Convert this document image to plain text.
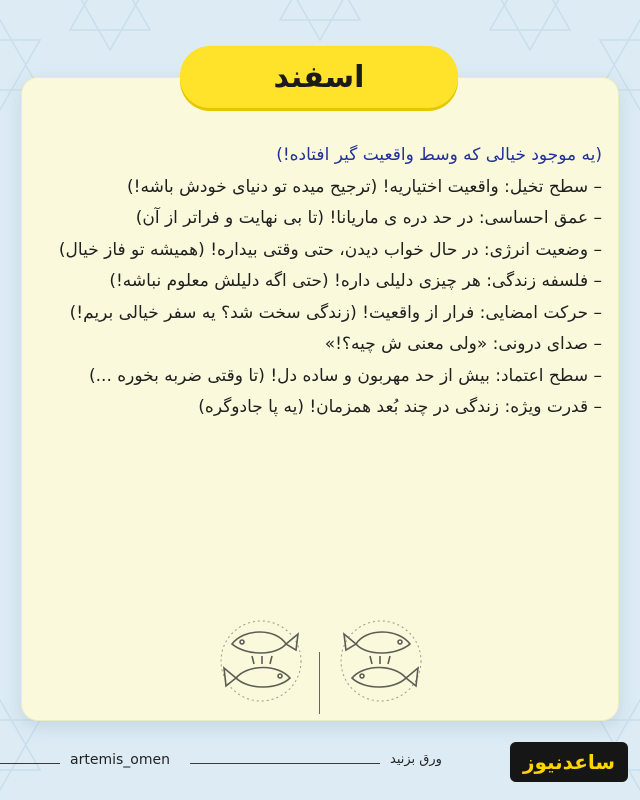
اسفند

(یه موجود خیالی که وسط واقعیت گیر افتاده!)

– سطح تخیل: واقعیت اختیاریه! (ترجیح میده تو دنیای خودش باشه!)

– عمق احساسی: در حد دره ی ماریانا! (تا بی نهایت و فراتر از آن)

– وضعیت انرژی: در حال خواب دیدن، حتی وقتی بیداره! (همیشه تو فاز خیال)

– فلسفه زندگی: هر چیزی دلیلی داره! (حتی اگه دلیلش معلوم نباشه!)

– حرکت امضایی: فرار از واقعیت! (زندگی سخت شد؟ یه سفر خیالی بریم!)

– صدای درونی: «ولی معنی ش چیه؟!»

– سطح اعتماد: بیش از حد مهربون و ساده دل! (تا وقتی ضربه بخوره ...)

– قدرت ویژه: زندگی در چند بُعد همزمان! (یه پا جادوگره)

artemis_omen	ورق بزنید	ساعدنیوز
